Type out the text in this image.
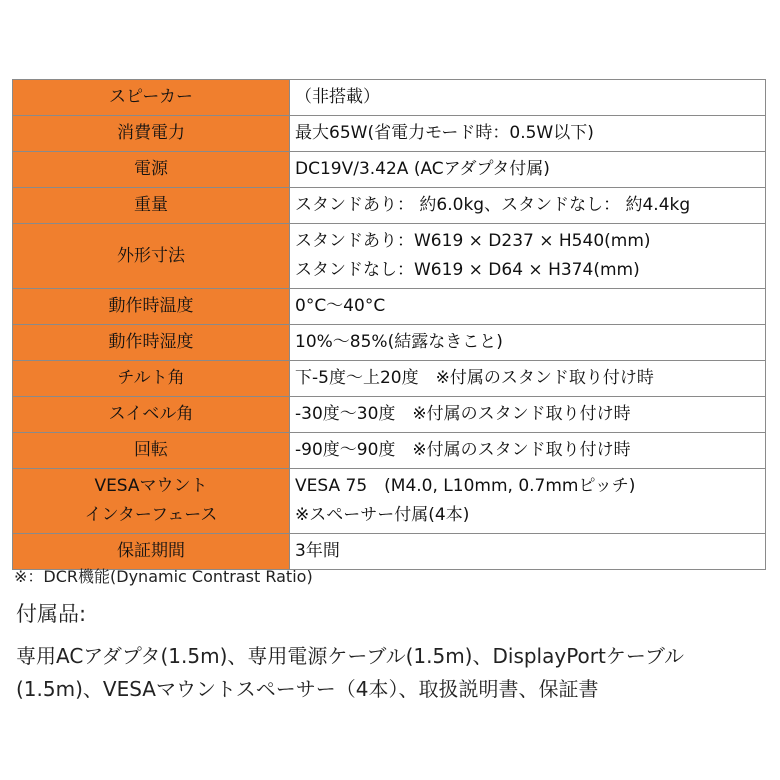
スピーカー	（非搭載）

消費電力	最大65W(省電力モード時：0.5W以下)

電源	DC19V/3.42A (ACアダプタ付属)

重量	スタンドあり： 約6.0kg、スタンドなし： 約4.4kg

外形寸法	スタンドあり：W619 × D237 × H540(mm)
スタンドなし：W619 × D64 × H374(mm)

動作時温度	0°C～40°C

動作時湿度	10%～85%(結露なきこと)

チルト角	下-5度～上20度　※付属のスタンド取り付け時

スイベル角	-30度～30度　※付属のスタンド取り付け時

回転	-90度～90度　※付属のスタンド取り付け時

VESAマウント
インターフェース	VESA 75　(M4.0, L10mm, 0.7mmピッチ)
※スペーサー付属(4本)

保証期間	3年間
※：DCR機能(Dynamic Contrast Ratio)
付属品:
専用ACアダプタ(1.5m)、専用電源ケーブル(1.5m)、DisplayPortケーブル(1.5m)、VESAマウントスペーサー（4本）、取扱説明書、保証書
